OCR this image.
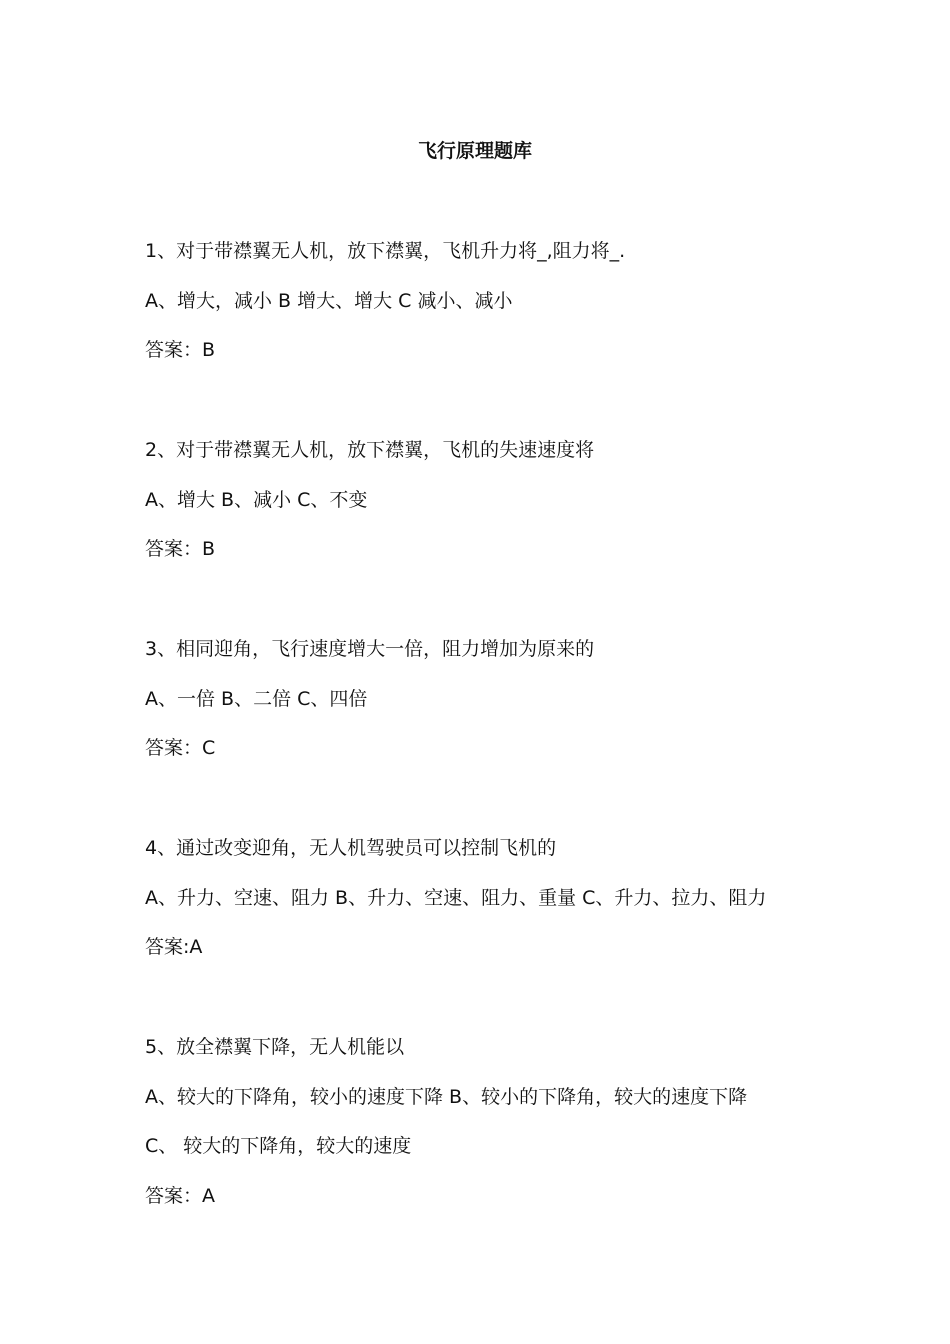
飞行原理题库
1、对于带襟翼无人机，放下襟翼，飞机升力将_,阻力将_.
A、增大，减小 B 增大、增大 C 减小、减小
答案：B
2、对于带襟翼无人机，放下襟翼，飞机的失速速度将
A、增大 B、减小 C、不变
答案：B
3、相同迎角，飞行速度增大一倍，阻力增加为原来的
A、一倍 B、二倍 C、四倍
答案：C
4、通过改变迎角，无人机驾驶员可以控制飞机的
A、升力、空速、阻力 B、升力、空速、阻力、重量 C、升力、拉力、阻力
答案:A
5、放全襟翼下降，无人机能以
A、较大的下降角，较小的速度下降 B、较小的下降角，较大的速度下降
C、 较大的下降角，较大的速度
答案：A
